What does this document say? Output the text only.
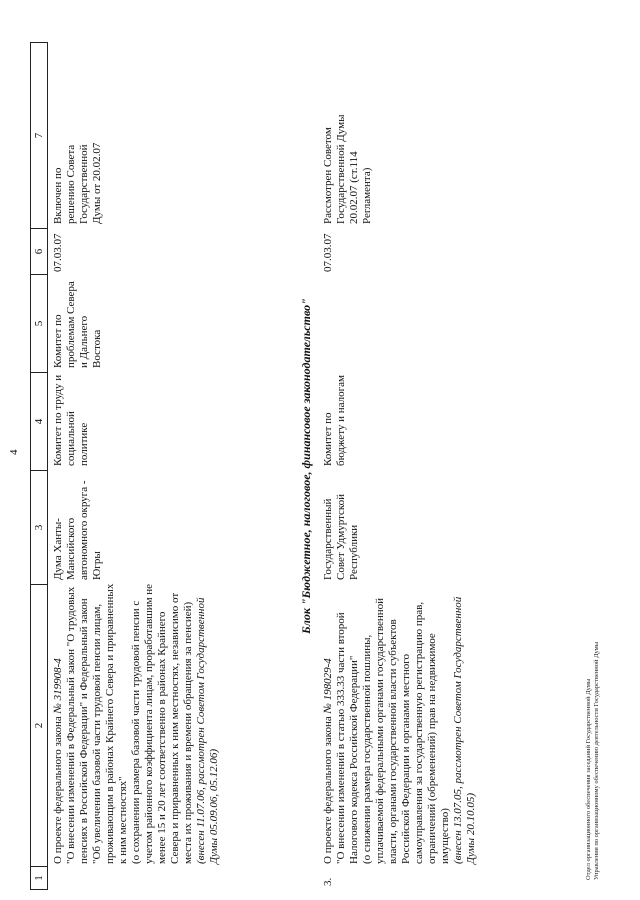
4
1
2
3
4
5
6
7
О проекте федерального закона № 319908-4
"О внесении изменений в Федеральный закон "О трудовых пенсиях в Российской Федерации" и Федеральный закон "Об увеличении базовой части трудовой пенсии лицам, проживающим в районах Крайнего Севера и приравненных к ним местностях"
(о сохранении размера базовой части трудовой пенсии с учетом районного коэффициента лицам, проработавшим не менее 15 и 20 лет соответственно в районах Крайнего Севера и приравненных к ним местностях, независимо от места их проживания и времени обращения за пенсией)
(внесен 11.07.06, рассмотрен Советом Государственной Думы 05.09.06, 05.12.06)
Дума Ханты-Мансийского автономного округа - Югры
Комитет по труду и социальной политике
Комитет по проблемам Севера и Дальнего Востока
07.03.07
Включен по решению Совета Государственной Думы от 20.02.07
Блок "Бюджетное, налоговое, финансовое законодательство"
3.
О проекте федерального закона № 198029-4
"О внесении изменений в статью 333.33 части второй Налогового кодекса Российской Федерации"
(о снижении размера государственной пошлины, уплачиваемой федеральными органами государственной власти, органами государственной власти субъектов Российской Федерации и органами местного самоуправления за государственную регистрацию прав, ограничений (обременений) прав на недвижимое имущество)
(внесен 13.07.05, рассмотрен Советом Государственной Думы 20.10.05)
Государственный Совет Удмуртской Республики
Комитет по бюджету и налогам
07.03.07
Рассмотрен Советом Государственной Думы 20.02.07 (ст.114 Регламента)
Отдел организационного обеспечения заседаний Государственной Думы Управления по организационному обеспечению деятельности Государственной Думы
